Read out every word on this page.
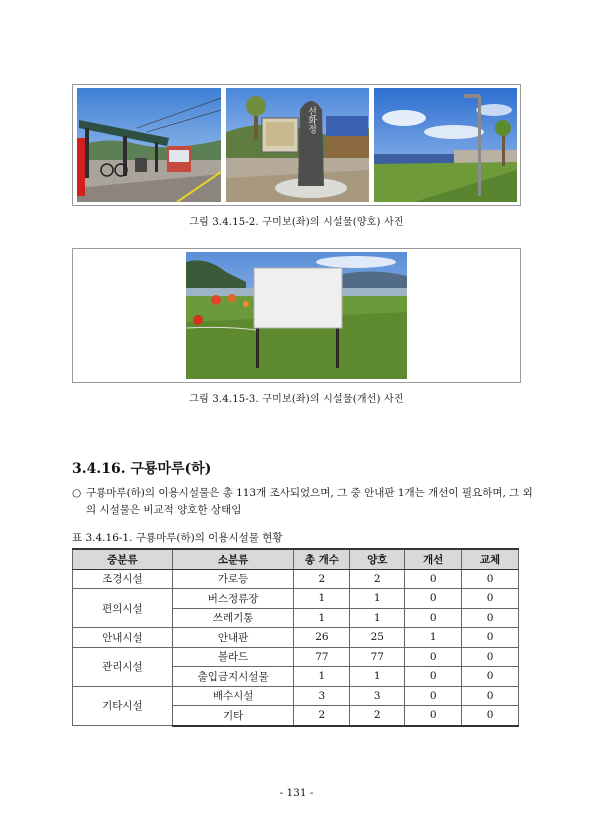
선화정
그림 3.4.15-2. 구미보(좌)의 시설물(양호) 사진
그림 3.4.15-3. 구미보(좌)의 시설물(개선) 사진
3.4.16. 구룡마루(하)
○ 구룡마루(하)의 이용시설물은 총 113개 조사되었으며, 그 중 안내판 1개는 개선이 필요하며, 그 외의 시설물은 비교적 양호한 상태임
표 3.4.16-1. 구룡마루(하)의 이용시설물 현황
중분류	소분류	총 개수	양호	개선	교체
조경시설	가로등	2	2	0	0
편의시설	버스정류장	1	1	0	0
	쓰레기통	1	1	0	0
안내시설	안내판	26	25	1	0
관리시설	볼라드	77	77	0	0
	출입금지시설물	1	1	0	0
기타시설	배수시설	3	3	0	0
	기타	2	2	0	0
- 131 -
